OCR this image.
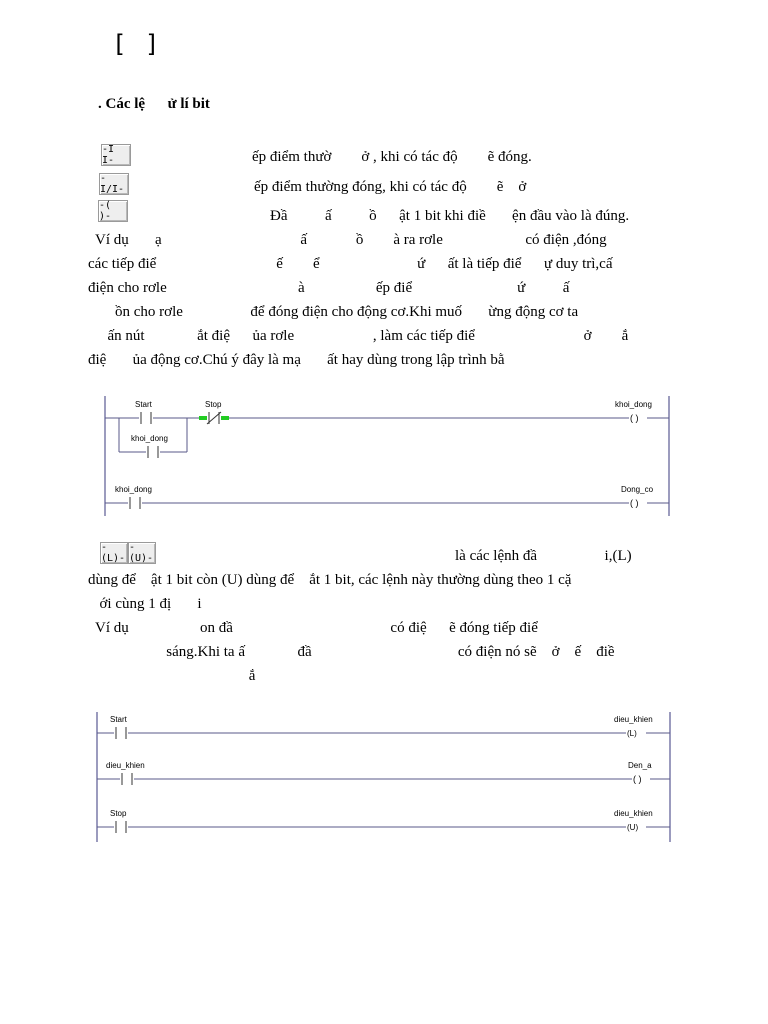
[ ]
. Các lệ      ử lí bit
-I I-	ếp điểm thườ        ở , khi có tác độ        ẽ đóng.
-I/I-	ếp điểm thường đóng, khi có tác độ        ẽ    ở
-( )-	Đầ          ấ          ồ      ật 1 bit khi điề       ện đầu vào là đúng.
Ví dụ       ạ                                     ấ             ồ        à ra rơle                      có điện ,đóng
các tiếp điể                                ế        ể                          ứ      ất là tiếp điể      ự duy trì,cấ
điện cho rơle                                   à                   ếp điể                            ứ          ấ
ồn cho rơle                  để đóng điện cho động cơ.Khi muố       ừng động cơ ta
ấn nút              ắt điệ      ủa rơle                     , làm các tiếp điể                             ở        ắ
điệ       ủa động cơ.Chú ý đây là mạ       ất hay dùng trong lập trình bằ
Start	Stop
khoi_dong
( )
khoi_dong
khoi_dong
( )
Dong_co
-(L)-
-(U)-	là các lệnh đầ                  i,(L)
dùng để    ật 1 bit còn (U) dùng để    ắt 1 bit, các lệnh này thường dùng theo 1 cặ
ới cùng 1 đị       i
Ví dụ                   on đầ                                          có điệ      ẽ đóng tiếp điể
sáng.Khi ta ấ              đầ                                       có điện nó sẽ    ở    ế    điề
ắ
Start
(L)
dieu_khien
dieu_khien
( )
Den_a
Stop
(U)
dieu_khien
